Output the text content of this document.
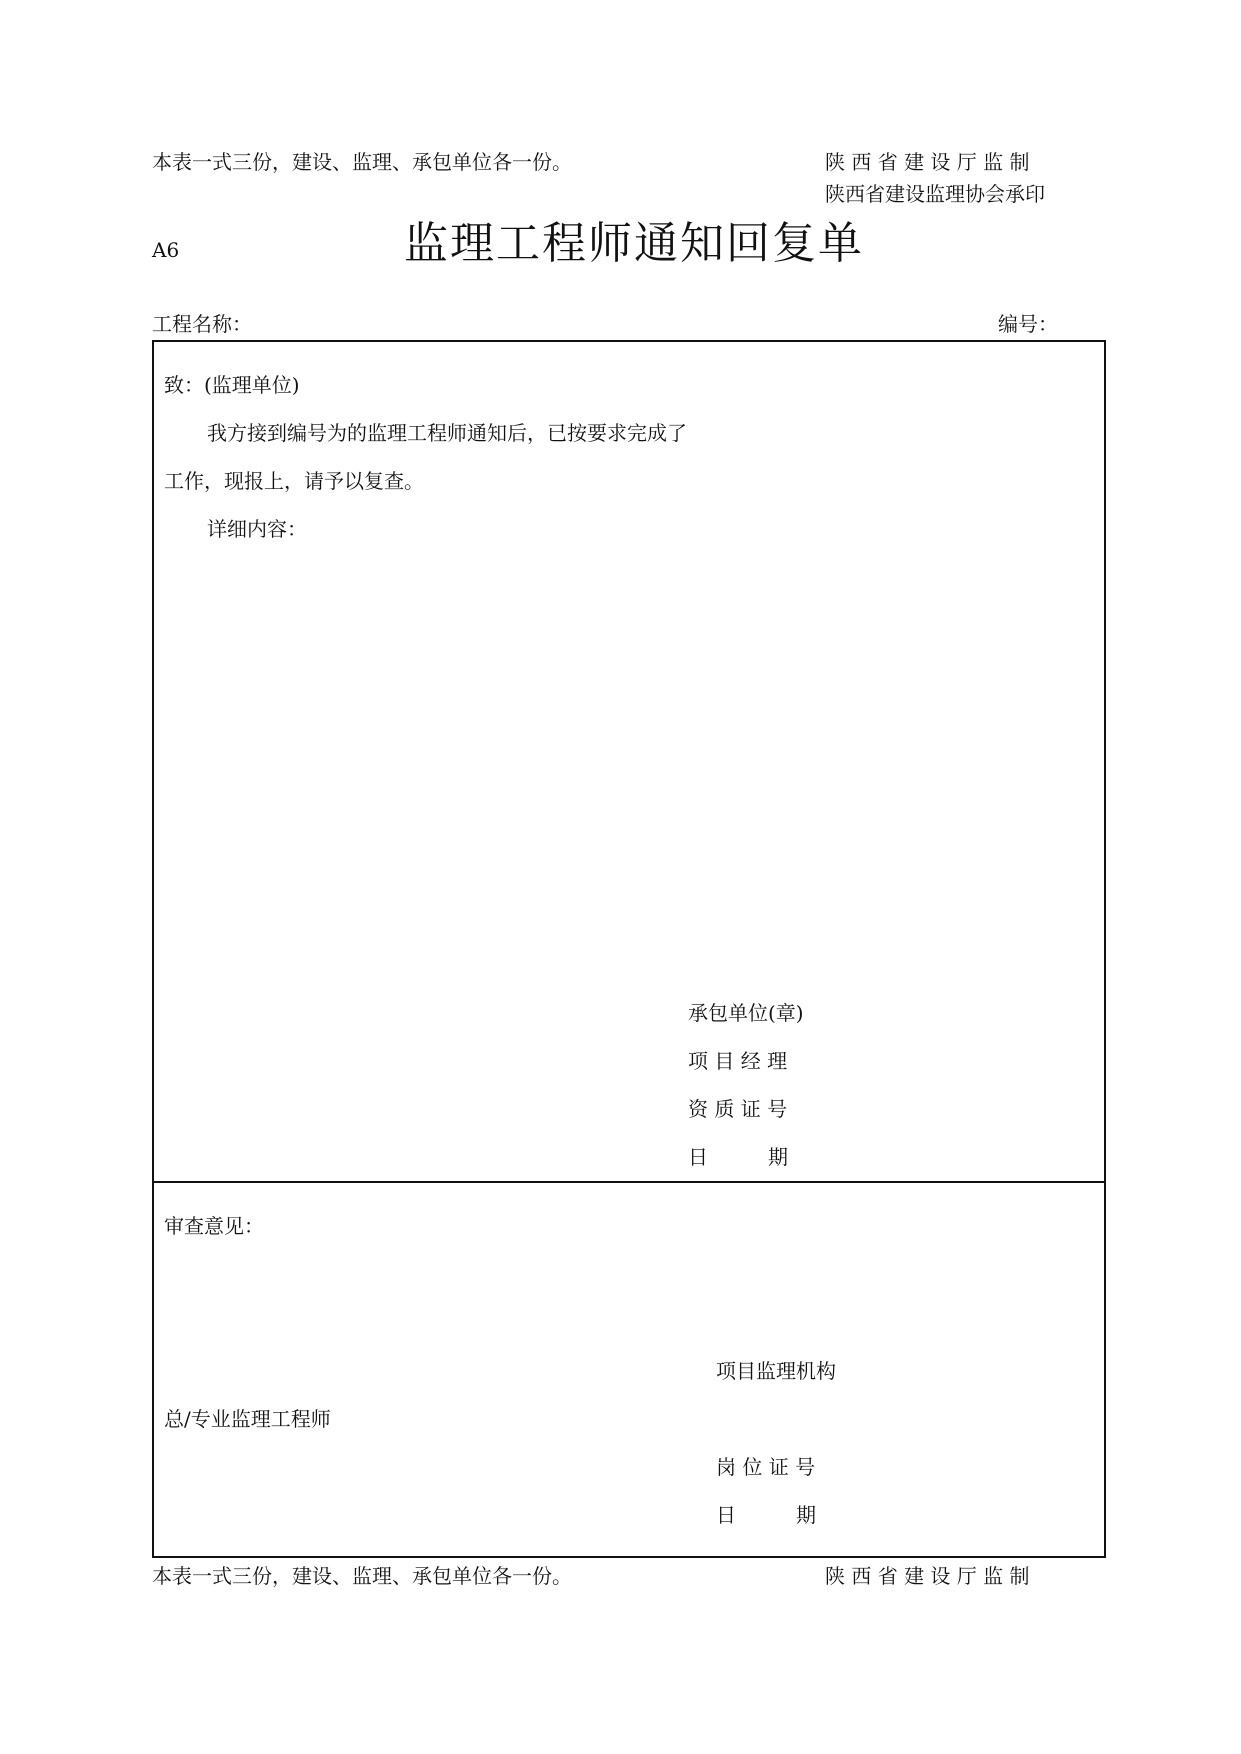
本表一式三份，建设、监理、承包单位各一份。	陕 西 省 建 设 厅 监 制
陕西省建设监理协会承印
A6	监理工程师通知回复单
工程名称：	编号：
致：(监理单位)
我方接到编号为的监理工程师通知后，已按要求完成了
工作，现报上，请予以复查。
详细内容：
承包单位(章)
项 目 经 理
资 质 证 号
日　　　期
审查意见：
项目监理机构
总/专业监理工程师
岗 位 证 号
日　　　期
本表一式三份，建设、监理、承包单位各一份。	陕 西 省 建 设 厅 监 制
